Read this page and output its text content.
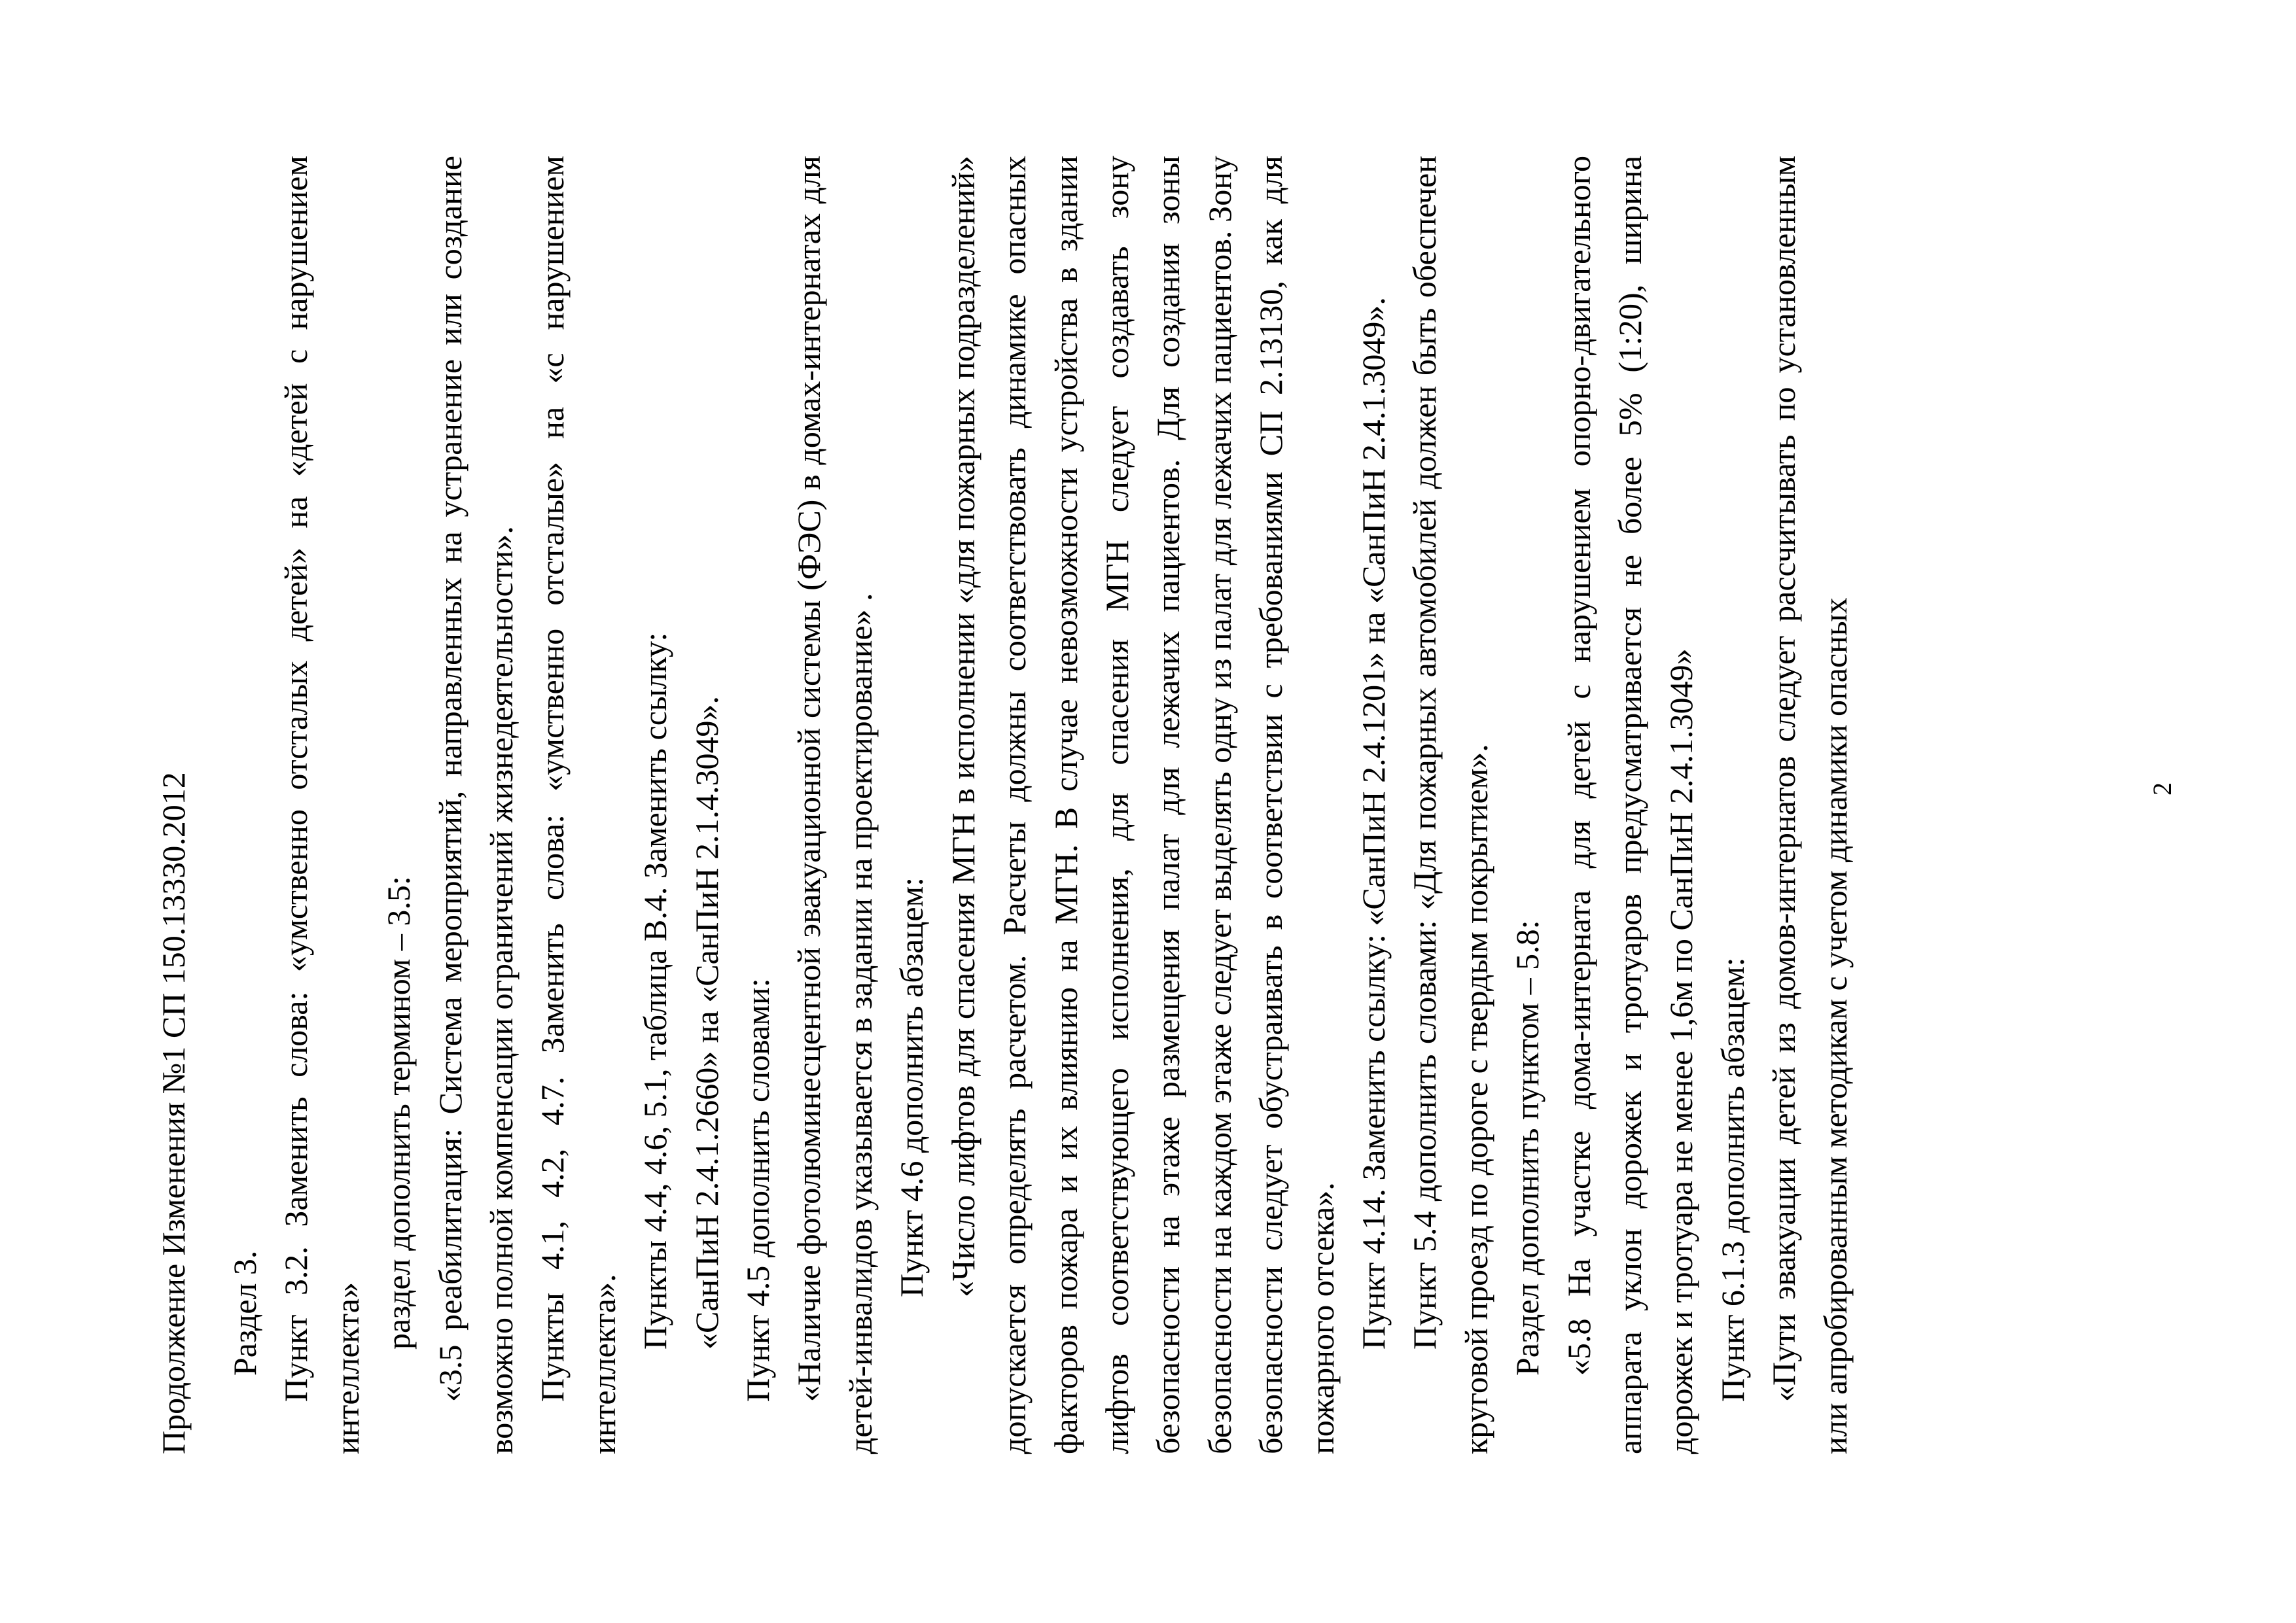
Продолжение Изменения №1 СП 150.13330.2012 Раздел 3. Пункт 3.2. Заменить слова: «умственно отсталых детей» на «детей с нарушением интеллекта»

раздел дополнить термином – 3.5: «3.5 реабилитация: Система мероприятий, направленных на устранение или создание возможно полной компенсации ограничений жизнедеятельности». Пункты 4.1, 4.2, 4.7. Заменить слова: «умственно отсталые» на «с нарушением интеллекта».

Пункты 4.4, 4.6, 5.1, таблица В.4. Заменить ссылку: «СанПиН 2.4.1.2660» на «СанПиН 2.1.4.3049». Пункт 4.5 дополнить словами: «Наличие фотолюминесцентной эвакуационной системы (ФЭС) в домах-интернатах для детей-инвалидов указывается в задании на проектирование» . Пункт 4.6 дополнить абзацем: «Число лифтов для спасения МГН в исполнении «для пожарных подразделений» допускается определять расчетом. Расчеты должны соответствовать динамике опасных факторов пожара и их влиянию на МГН. В случае невозможности устройства в здании лифтов соответствующего исполнения, для спасения МГН следует создавать зону безопасности на этаже размещения палат для лежачих пациентов. Для создания зоны безопасности на каждом этаже следует выделять одну из палат для лежачих пациентов. Зону безопасности следует обустраивать в соответствии с требованиями СП 2.13130, как для пожарного отсека». Пункт 4.14. Заменить ссылку: «СанПиН 2.4.1201» на «СанПиН 2.4.1.3049». Пункт 5.4 дополнить словами: «Для пожарных автомобилей должен быть обеспечен круговой проезд по дороге с твердым покрытием». Раздел дополнить пунктом – 5.8: «5.8 На участке дома-интерната для детей с нарушением опорно-двигательного аппарата уклон дорожек и тротуаров предусматривается не более 5% (1:20), ширина дорожек и тротуара не менее 1,6м по СанПиН 2.4.1.3049» Пункт 6.1.3 дополнить абзацем: «Пути эвакуации детей из домов-интернатов следует рассчитывать по установленным или апробированным методикам с учетом динамики опасных	2
